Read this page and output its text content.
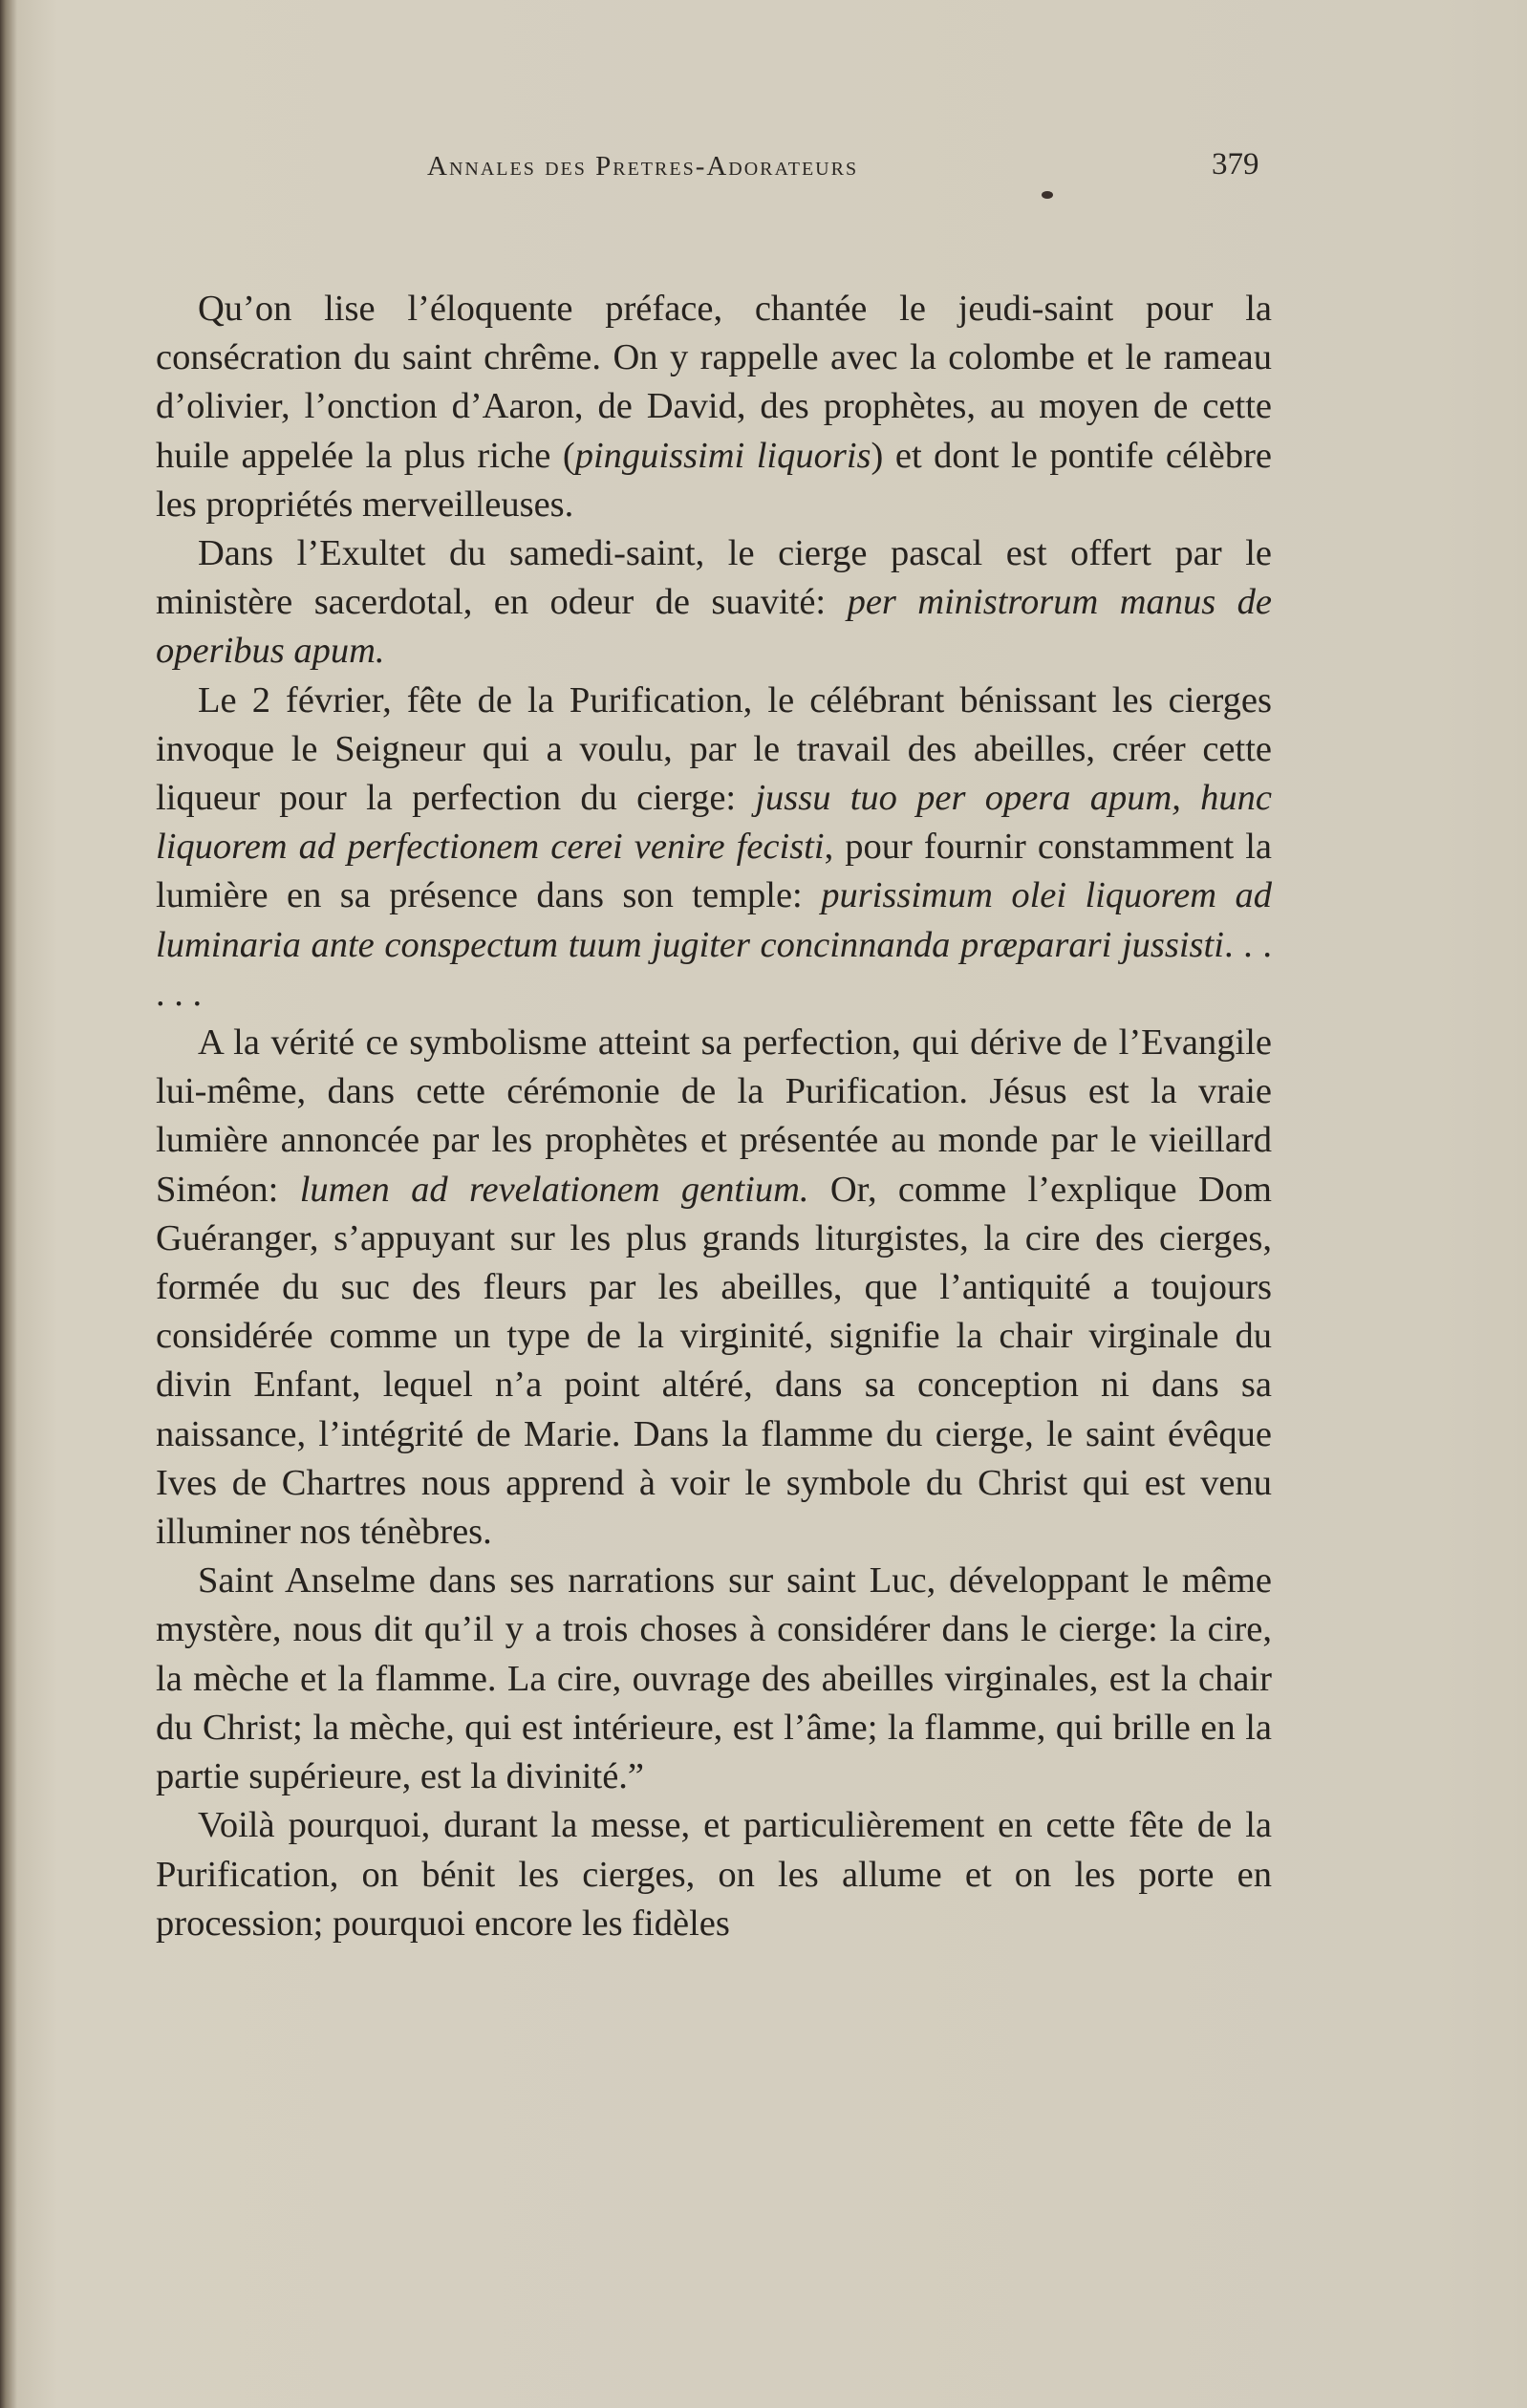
Annales des Pretres-Adorateurs	379

Qu’on lise l’éloquente préface, chantée le jeudi-saint pour la consécration du saint chrême. On y rappelle avec la colombe et le rameau d’olivier, l’onction d’Aaron, de David, des prophètes, au moyen de cette huile appelée la plus riche (pinguissimi liquoris) et dont le pontife célèbre les propriétés merveilleuses.

Dans l’Exultet du samedi-saint, le cierge pascal est offert par le ministère sacerdotal, en odeur de suavité: per ministrorum manus de operibus apum.

Le 2 février, fête de la Purification, le célébrant bénissant les cierges invoque le Seigneur qui a voulu, par le travail des abeilles, créer cette liqueur pour la perfection du cierge: jussu tuo per opera apum, hunc liquorem ad perfectionem cerei venire fecisti, pour fournir constamment la lumière en sa présence dans son temple: purissimum olei liquorem ad luminaria ante conspectum tuum jugiter concinnanda præparari jussisti. . . . . .

A la vérité ce symbolisme atteint sa perfection, qui dérive de l’Evangile lui-même, dans cette cérémonie de la Purification. Jésus est la vraie lumière annoncée par les prophètes et présentée au monde par le vieillard Siméon: lumen ad revelationem gentium. Or, comme l’explique Dom Guéranger, s’appuyant sur les plus grands liturgistes, la cire des cierges, formée du suc des fleurs par les abeilles, que l’antiquité a toujours considérée comme un type de la virginité, signifie la chair virginale du divin Enfant, lequel n’a point altéré, dans sa conception ni dans sa naissance, l’intégrité de Marie. Dans la flamme du cierge, le saint évêque Ives de Chartres nous apprend à voir le symbole du Christ qui est venu illuminer nos ténèbres.

Saint Anselme dans ses narrations sur saint Luc, développant le même mystère, nous dit qu’il y a trois choses à considérer dans le cierge: la cire, la mèche et la flamme. La cire, ouvrage des abeilles virginales, est la chair du Christ; la mèche, qui est intérieure, est l’âme; la flamme, qui brille en la partie supérieure, est la divinité.”

Voilà pourquoi, durant la messe, et particulièrement en cette fête de la Purification, on bénit les cierges, on les allume et on les porte en procession; pourquoi encore les fidèles
